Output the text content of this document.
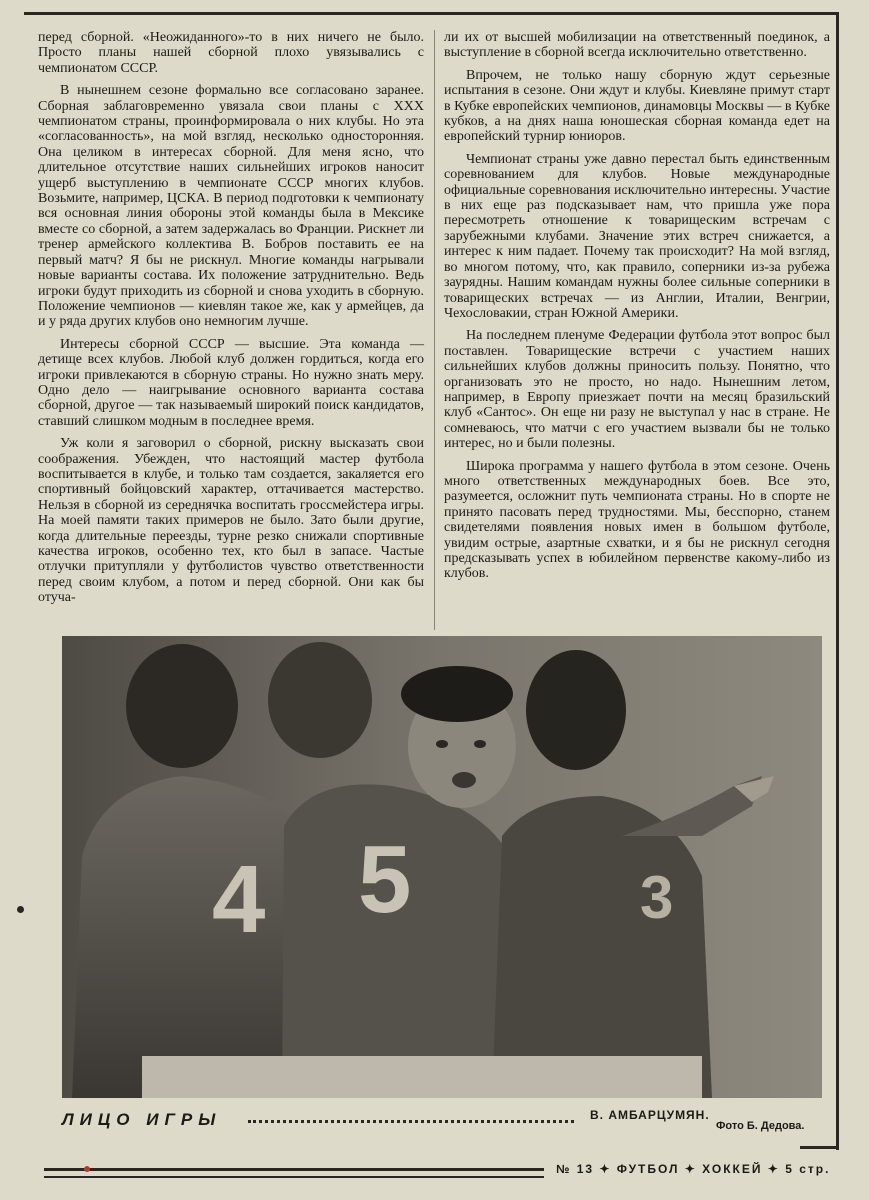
перед сборной. «Неожиданного»-то в них ничего не было. Просто планы нашей сборной плохо увязывались с чемпионатом СССР.

В нынешнем сезоне формально все согласовано заранее. Сборная заблаговременно увязала свои планы с XXX чемпионатом страны, проинформировала о них клубы. Но эта «согласованность», на мой взгляд, несколько односторонняя. Она целиком в интересах сборной. Для меня ясно, что длительное отсутствие наших сильнейших игроков наносит ущерб выступлению в чемпионате СССР многих клубов. Возьмите, например, ЦСКА. В период подготовки к чемпионату вся основная линия обороны этой команды была в Мексике вместе со сборной, а затем задержалась во Франции. Рискнет ли тренер армейского коллектива В. Бобров поставить ее на первый матч? Я бы не рискнул. Многие команды нагрывали новые варианты состава. Их положение затруднительно. Ведь игроки будут приходить из сборной и снова уходить в сборную. Положение чемпионов — киевлян такое же, как у армейцев, да и у ряда других клубов оно немногим лучше.

Интересы сборной СССР — высшие. Эта команда — детище всех клубов. Любой клуб должен гордиться, когда его игроки привлекаются в сборную страны. Но нужно знать меру. Одно дело — наигрывание основного варианта состава сборной, другое — так называемый широкий поиск кандидатов, ставший слишком модным в последнее время.

Уж коли я заговорил о сборной, рискну высказать свои соображения. Убежден, что настоящий мастер футбола воспитывается в клубе, и только там создается, закаляется его спортивный бойцовский характер, оттачивается мастерство. Нельзя в сборной из середнячка воспитать гроссмейстера игры. На моей памяти таких примеров не было. Зато были другие, когда длительные переезды, турне резко снижали спортивные качества игроков, особенно тех, кто был в запасе. Частые отлучки притупляли у футболистов чувство ответственности перед своим клубом, а потом и перед сборной. Они как бы отуча-

ли их от высшей мобилизации на ответственный поединок, а выступление в сборной всегда исключительно ответственно.

Впрочем, не только нашу сборную ждут серьезные испытания в сезоне. Они ждут и клубы. Киевляне примут старт в Кубке европейских чемпионов, динамовцы Москвы — в Кубке кубков, а на днях наша юношеская сборная команда едет на европейский турнир юниоров.

Чемпионат страны уже давно перестал быть единственным соревнованием для клубов. Новые международные официальные соревнования исключительно интересны. Участие в них еще раз подсказывает нам, что пришла уже пора пересмотреть отношение к товарищеским встречам с зарубежными клубами. Значение этих встреч снижается, а интерес к ним падает. Почему так происходит? На мой взгляд, во многом потому, что, как правило, соперники из-за рубежа заурядны. Нашим командам нужны более сильные соперники в товарищеских встречах — из Англии, Италии, Венгрии, Чехословакии, стран Южной Америки.

На последнем пленуме Федерации футбола этот вопрос был поставлен. Товарищеские встречи с участием наших сильнейших клубов должны приносить пользу. Понятно, что организовать это не просто, но надо. Нынешним летом, например, в Европу приезжает почти на месяц бразильский клуб «Сантос». Он еще ни разу не выступал у нас в стране. Не сомневаюсь, что матчи с его участием вызвали бы не только интерес, но и были полезны.

Широка программа у нашего футбола в этом сезоне. Очень много ответственных международных боев. Все это, разумеется, осложнит путь чемпионата страны. Но в спорте не принято пасовать перед трудностями. Мы, бесспорно, станем свидетелями появления новых имен в большом футболе, увидим острые, азартные схватки, и я бы не рискнул сегодня предсказывать успех в юбилейном первенстве какому-либо из клубов.

4 5	3
ЛИЦО ИГРЫ	В. АМБАРЦУМЯН.
Фото Б. Дедова.
№ 13 ✦ ФУТБОЛ ✦ ХОККЕЙ ✦ 5 стр.
